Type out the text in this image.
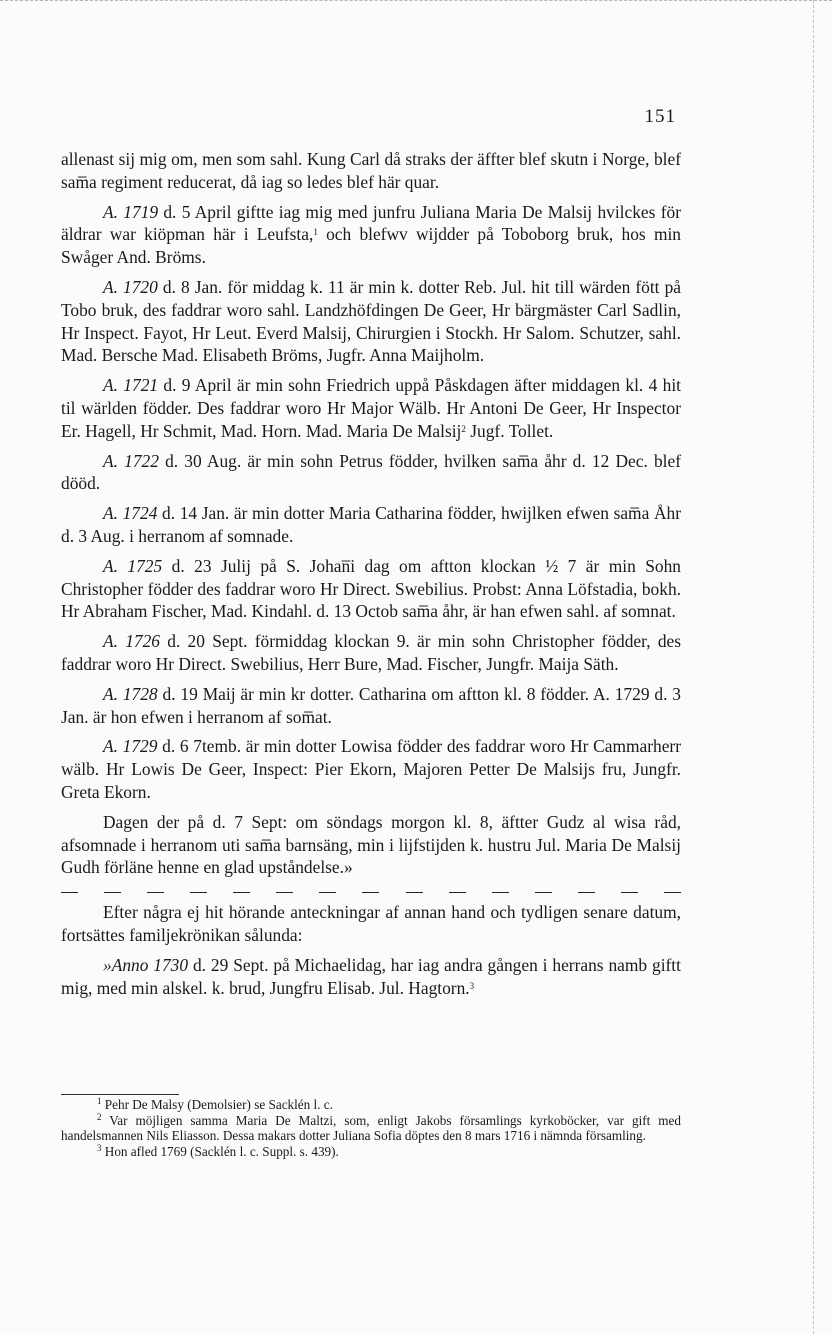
151

allenast sij mig om, men som sahl. Kung Carl då straks der äffter blef skutn i Norge, blef sam̅a regiment reducerat, då iag so ledes blef här quar.

A. 1719 d. 5 April giftte iag mig med junfru Juliana Maria De Malsij hvilckes för äldrar war kiöpman här i Leufsta,$^1$ och blefwv wijdder på Toboborg bruk, hos min Swåger And. Bröms.

A. 1720 d. 8 Jan. för middag k. 11 är min k. dotter Reb. Jul. hit till wärden fött på Tobo bruk, des faddrar woro sahl. Landzhöfdingen De Geer, Hr bärgmäster Carl Sadlin, Hr Inspect. Fayot, Hr Leut. Everd Malsij, Chirurgien i Stockh. Hr Salom. Schutzer, sahl. Mad. Bersche Mad. Elisabeth Bröms, Jugfr. Anna Maijholm.

A. 1721 d. 9 April är min sohn Friedrich uppå Påskdagen äfter middagen kl. 4 hit til wärlden födder. Des faddrar woro Hr Major Wälb. Hr Antoni De Geer, Hr Inspector Er. Hagell, Hr Schmit, Mad. Horn. Mad. Maria De Malsij$^2$ Jugf. Tollet.

A. 1722 d. 30 Aug. är min sohn Petrus födder, hvilken sam̅a åhr d. 12 Dec. blef dööd.

A. 1724 d. 14 Jan. är min dotter Maria Catharina födder, hwijlken efwen sam̅a Åhr d. 3 Aug. i herranom af somnade.

A. 1725 d. 23 Julij på S. Johan̅i dag om aftton klockan ½ 7 är min Sohn Christopher födder des faddrar woro Hr Direct. Swebilius. Probst: Anna Löfstadia, bokh. Hr Abraham Fischer, Mad. Kindahl. d. 13 Octob sam̅a åhr, är han efwen sahl. af somnat.

A. 1726 d. 20 Sept. förmiddag klockan 9. är min sohn Christopher födder, des faddrar woro Hr Direct. Swebilius, Herr Bure, Mad. Fischer, Jungfr. Maija Säth.

A. 1728 d. 19 Maij är min kr dotter. Catharina om aftton kl. 8 födder. A. 1729 d. 3 Jan. är hon efwen i herranom af som̅at.

A. 1729 d. 6 7temb. är min dotter Lowisa födder des faddrar woro Hr Cammarherr wälb. Hr Lowis De Geer, Inspect: Pier Ekorn, Majoren Petter De Malsijs fru, Jungfr. Greta Ekorn.

Dagen der på d. 7 Sept: om söndags morgon kl. 8, äftter Gudz al wisa råd, afsomnade i herranom uti sam̅a barnsäng, min i lijfstijden k. hustru Jul. Maria De Malsij Gudh förläne henne en glad upståndelse.»

Efter några ej hit hörande anteckningar af annan hand och tydligen senare datum, fortsättes familjekrönikan sålunda:

»Anno 1730 d. 29 Sept. på Michaelidag, har iag andra gången i herrans namb giftt mig, med min alskel. k. brud, Jungfru Elisab. Jul. Hagtorn.$^3$

$^1$ Pehr De Malsy (Demolsier) se Sacklén l. c.

$^2$ Var möjligen samma Maria De Maltzi, som, enligt Jakobs församlings kyrkoböcker, var gift med handelsmannen Nils Eliasson. Dessa makars dotter Juliana Sofia döptes den 8 mars 1716 i nämnda församling.

$^3$ Hon afled 1769 (Sacklén l. c. Suppl. s. 439).
